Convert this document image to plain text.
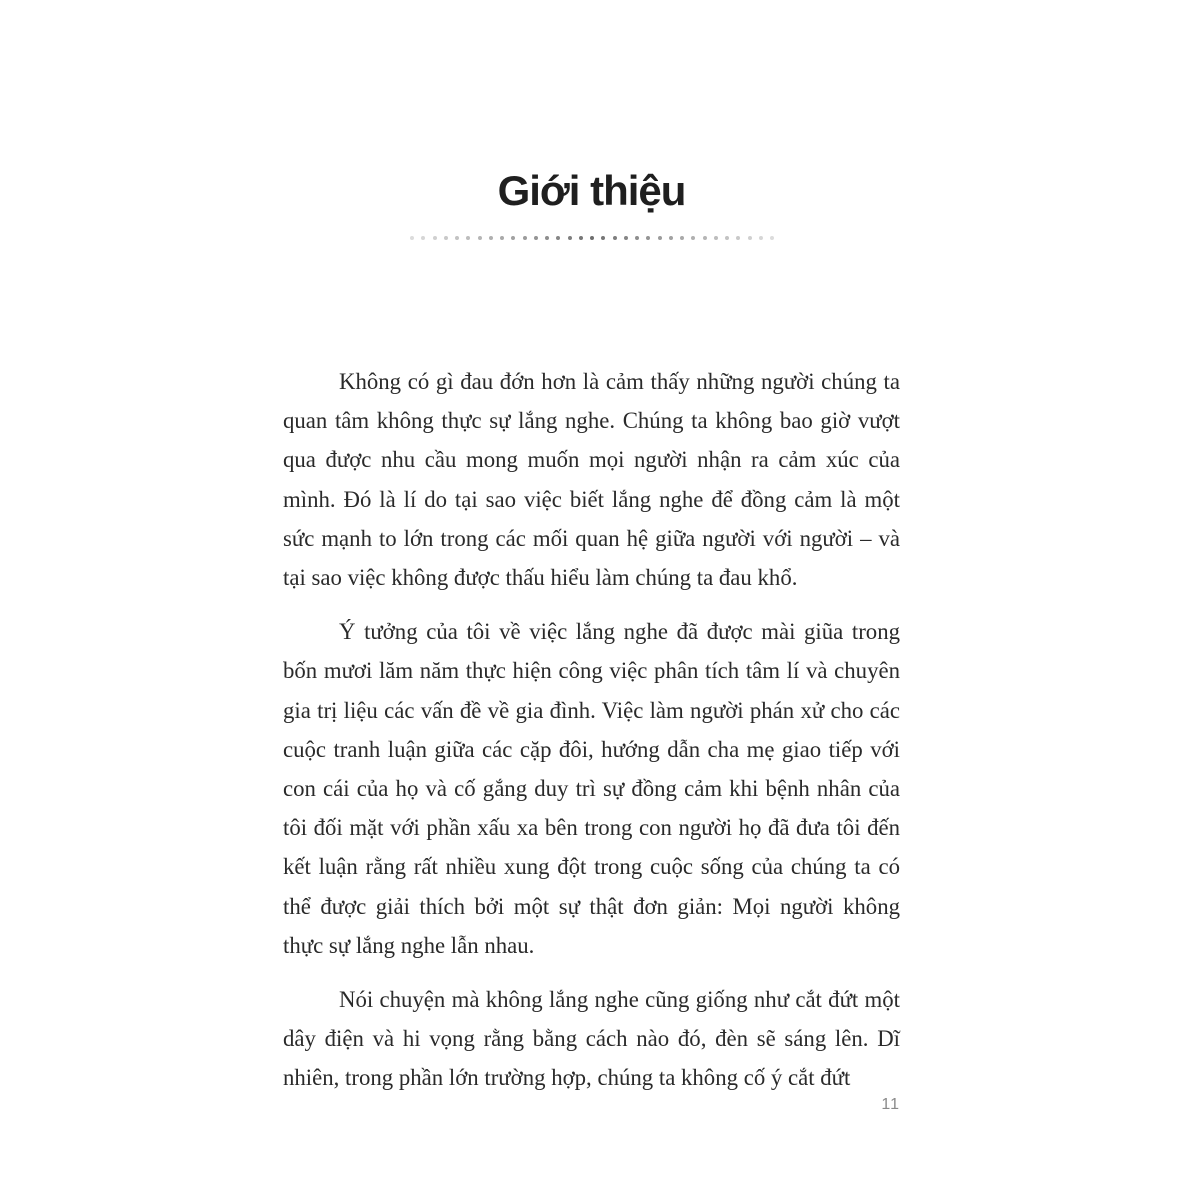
Giới thiệu

Không có gì đau đớn hơn là cảm thấy những người chúng ta quan tâm không thực sự lắng nghe. Chúng ta không bao giờ vượt qua được nhu cầu mong muốn mọi người nhận ra cảm xúc của mình. Đó là lí do tại sao việc biết lắng nghe để đồng cảm là một sức mạnh to lớn trong các mối quan hệ giữa người với người – và tại sao việc không được thấu hiểu làm chúng ta đau khổ.

Ý tưởng của tôi về việc lắng nghe đã được mài giũa trong bốn mươi lăm năm thực hiện công việc phân tích tâm lí và chuyên gia trị liệu các vấn đề về gia đình. Việc làm người phán xử cho các cuộc tranh luận giữa các cặp đôi, hướng dẫn cha mẹ giao tiếp với con cái của họ và cố gắng duy trì sự đồng cảm khi bệnh nhân của tôi đối mặt với phần xấu xa bên trong con người họ đã đưa tôi đến kết luận rằng rất nhiều xung đột trong cuộc sống của chúng ta có thể được giải thích bởi một sự thật đơn giản: Mọi người không thực sự lắng nghe lẫn nhau.

Nói chuyện mà không lắng nghe cũng giống như cắt đứt một dây điện và hi vọng rằng bằng cách nào đó, đèn sẽ sáng lên. Dĩ nhiên, trong phần lớn trường hợp, chúng ta không cố ý cắt đứt

11
